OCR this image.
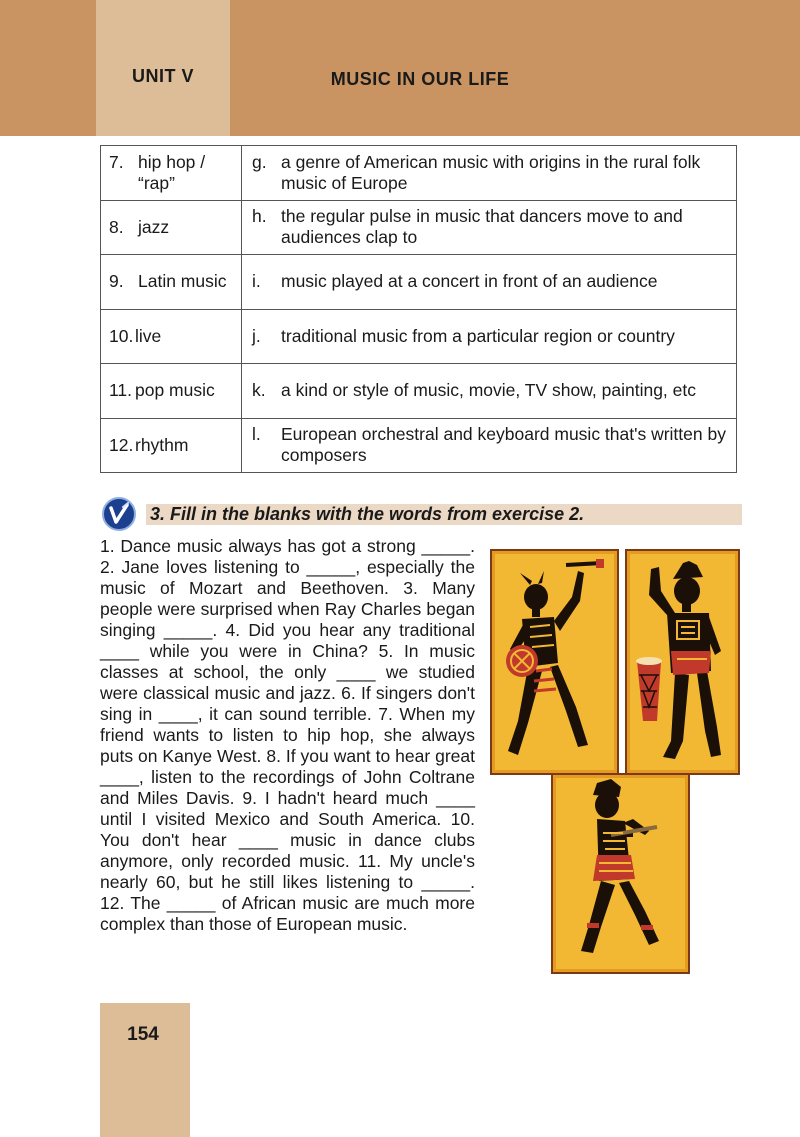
UNIT V	MUSIC IN OUR LIFE
7. hip hop / “rap”	g. a genre of American music with origins in the rural folk music of Europe

8. jazz	h. the regular pulse in music that dancers move to and audiences clap to

9. Latin music	i. music played at a concert in front of an audience

10. live	j. traditional music from a particular region or country

11. pop music	k. a kind or style of music, movie, TV show, painting, etc

12. rhythm	l. European orchestral and keyboard music that's written by composers
3. Fill in the blanks with the words from exercise 2.
1. Dance music always has got a strong _____. 2. Jane loves listening to _____, especially the music of Mozart and Beethoven. 3. Many people were surprised when Ray Charles began singing _____. 4. Did you hear any traditional ____ while you were in China? 5. In music classes at school, the only ____ we studied were classical music and jazz. 6. If singers don't sing in ____, it can sound terrible. 7. When my friend wants to listen to hip hop, she always puts on Kanye West. 8. If you want to hear great ____, listen to the recordings of John Coltrane and Miles Davis. 9. I hadn't heard much ____ until I visited Mexico and South America. 10. You don't hear ____ music in dance clubs anymore, only recorded music. 11. My uncle's nearly 60, but he still likes listening to _____. 12. The _____ of African music are much more complex than those of European music.
154
